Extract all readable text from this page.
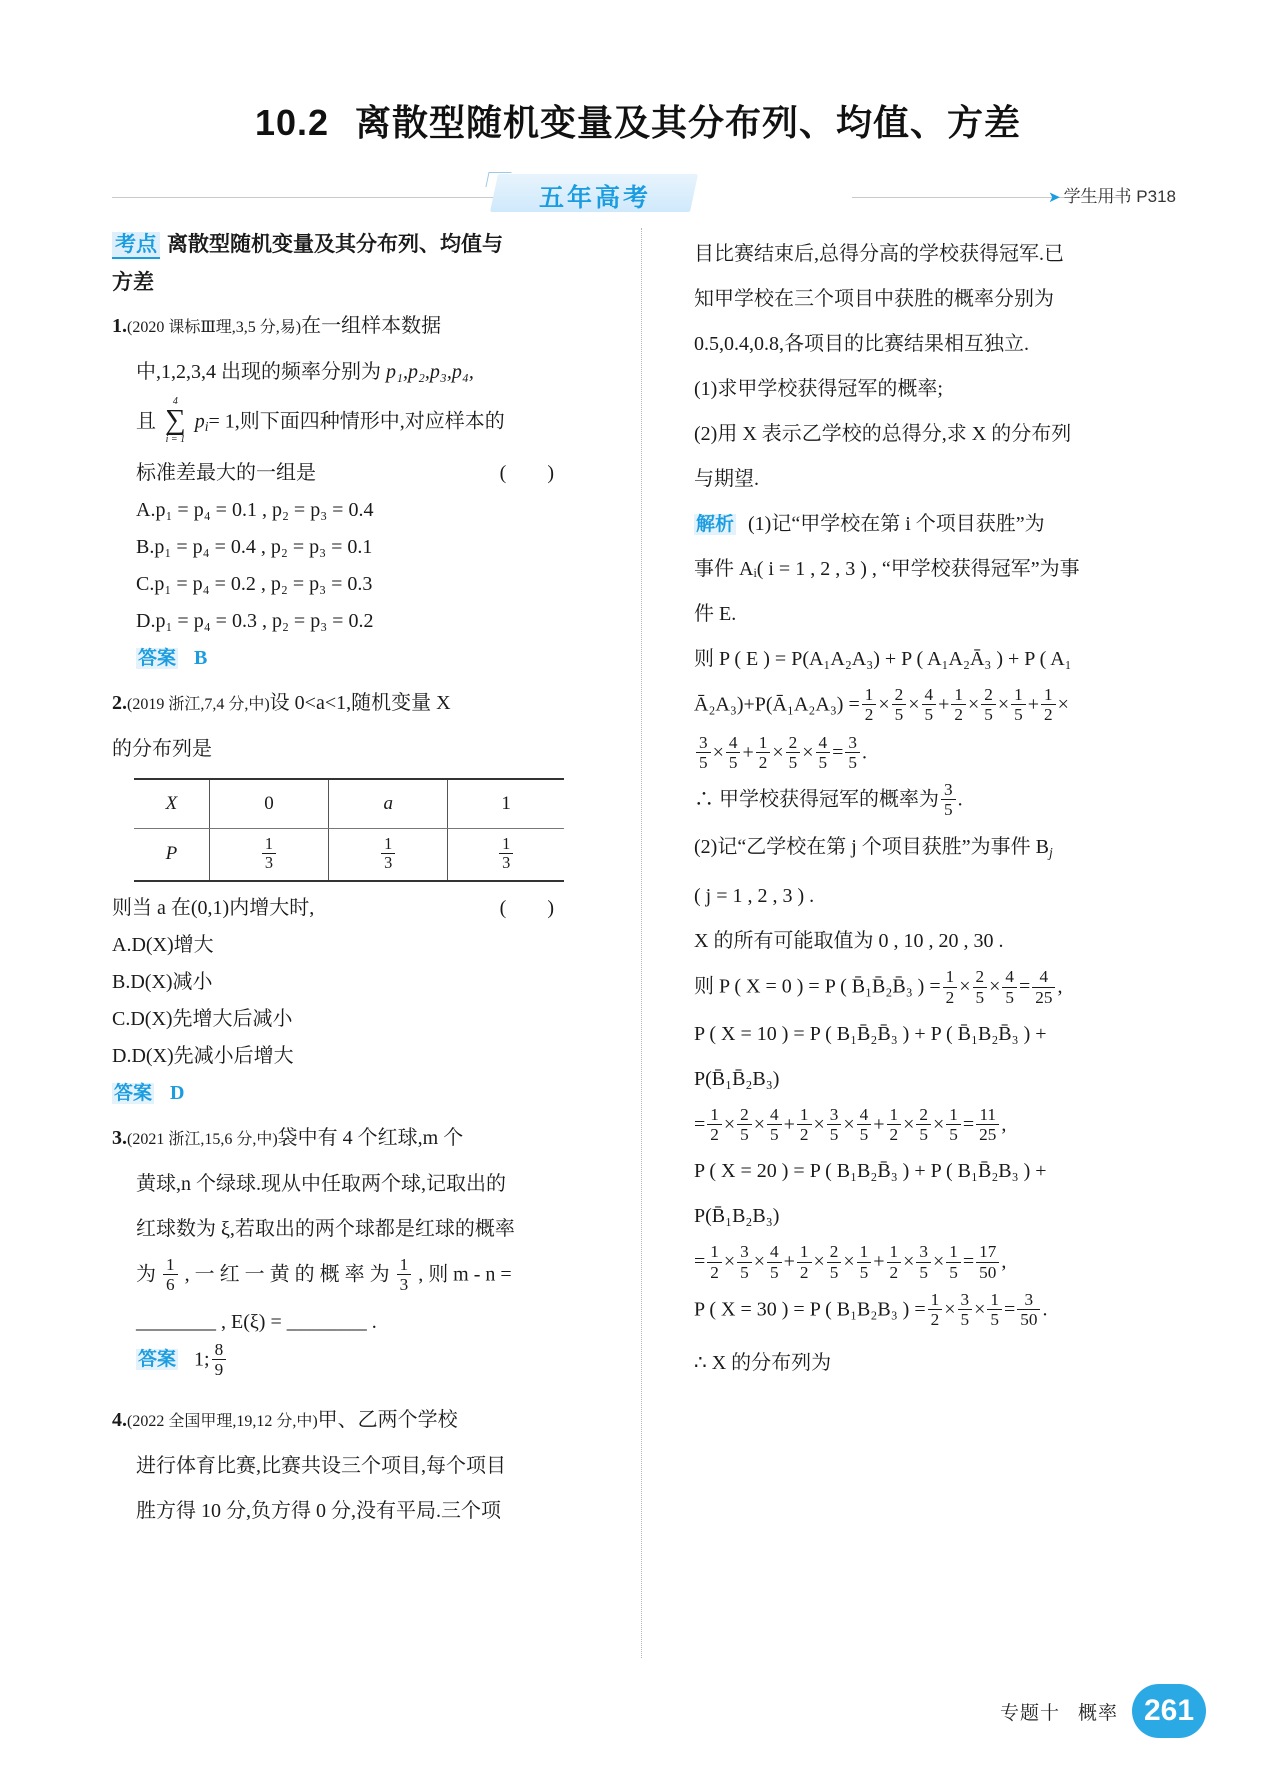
10.2 离散型随机变量及其分布列、均值、方差
五年高考	➤ 学生用书 P318
考点 离散型随机变量及其分布列、均值与
方差
1.(2020 课标Ⅲ理,3,5 分,易)在一组样本数据
中,1,2,3,4 出现的频率分别为 p₁,p₂,p₃,p₄,
且
4
∑
i = 1
$p_i= 1$,则下面四种情形中,对应样本的
标准差最大的一组是	( )
A.p₁ = p₄ = 0.1 , p₂ = p₃ = 0.4
B.p₁ = p₄ = 0.4 , p₂ = p₃ = 0.1
C.p₁ = p₄ = 0.2 , p₂ = p₃ = 0.3
D.p₁ = p₄ = 0.3 , p₂ = p₃ = 0.2
答案 B
2.(2019 浙江,7,4 分,中)设 0<a<1,随机变量 X
的分布列是
X	0	a	1
P	$\frac{1}{3}$	$\frac{1}{3}$	$\frac{1}{3}$
则当 a 在(0,1)内增大时,	( )
A.D(X)增大
B.D(X)减小
C.D(X)先增大后减小
D.D(X)先减小后增大
答案 D
3.(2021 浙江,15,6 分,中)袋中有 4 个红球,m 个
黄球,n 个绿球.现从中任取两个球,记取出的
红球数为 ξ,若取出的两个球都是红球的概率
为 $\frac{1}{6}$ , 一 红 一 黄 的 概 率 为 $\frac{1}{3}$ , 则 m - n =
________ , E(ξ) = ________ .
答案 1; $\frac{8}{9}$
4.(2022 全国甲理,19,12 分,中)甲、乙两个学校
进行体育比赛,比赛共设三个项目,每个项目
胜方得 10 分,负方得 0 分,没有平局.三个项
目比赛结束后,总得分高的学校获得冠军.已
知甲学校在三个项目中获胜的概率分别为
0.5,0.4,0.8,各项目的比赛结果相互独立.
(1)求甲学校获得冠军的概率;
(2)用 X 表示乙学校的总得分,求 X 的分布列
与期望.
解析 (1)记“甲学校在第 i 个项目获胜”为
事件 Aᵢ( i = 1 , 2 , 3 ) , “甲学校获得冠军”为事
件 E.
则 P ( E ) = P(A₁A₂A₃) + P ( A₁A₂Ā₃ ) + P ( A₁
Ā₂A₃)+P(Ā₁A₂A₃) = $\frac{1}{2} \times \frac{2}{5} \times \frac{4}{5} + \frac{1}{2} \times \frac{2}{5} \times \frac{1}{5} + \frac{1}{2}$ ×
$\frac{3}{5} \times \frac{4}{5} + \frac{1}{2} \times \frac{2}{5} \times \frac{4}{5} = \frac{3}{5}$ .
∴ 甲学校获得冠军的概率为 $\frac{3}{5}$ .
(2)记“乙学校在第 j 个项目获胜”为事件 $B_j$
( j = 1 , 2 , 3 ) .
X 的所有可能取值为 0 , 10 , 20 , 30 .
则 P ( X = 0 ) = P ( B̄₁B̄₂B̄₃ ) = $\frac{1}{2} \times \frac{2}{5} \times \frac{4}{5} = \frac{4}{25}$ ,
P ( X = 10 ) = P ( B₁B̄₂B̄₃ ) + P ( B̄₁B₂B̄₃ ) +
P(B̄₁B̄₂B₃)
= $\frac{1}{2} \times \frac{2}{5} \times \frac{4}{5} + \frac{1}{2} \times \frac{3}{5} \times \frac{4}{5} + \frac{1}{2} \times \frac{2}{5} \times \frac{1}{5} = \frac{11}{25}$ ,
P ( X = 20 ) = P ( B₁B₂B̄₃ ) + P ( B₁B̄₂B₃ ) +
P(B̄₁B₂B₃)
= $\frac{1}{2} \times \frac{3}{5} \times \frac{4}{5} + \frac{1}{2} \times \frac{2}{5} \times \frac{1}{5} + \frac{1}{2} \times \frac{3}{5} \times \frac{1}{5} = \frac{17}{50}$ ,
P ( X = 30 ) = P ( B₁B₂B₃ ) = $\frac{1}{2} \times \frac{3}{5} \times \frac{1}{5} = \frac{3}{50}$ .
∴ X 的分布列为
专题十 概率 261
